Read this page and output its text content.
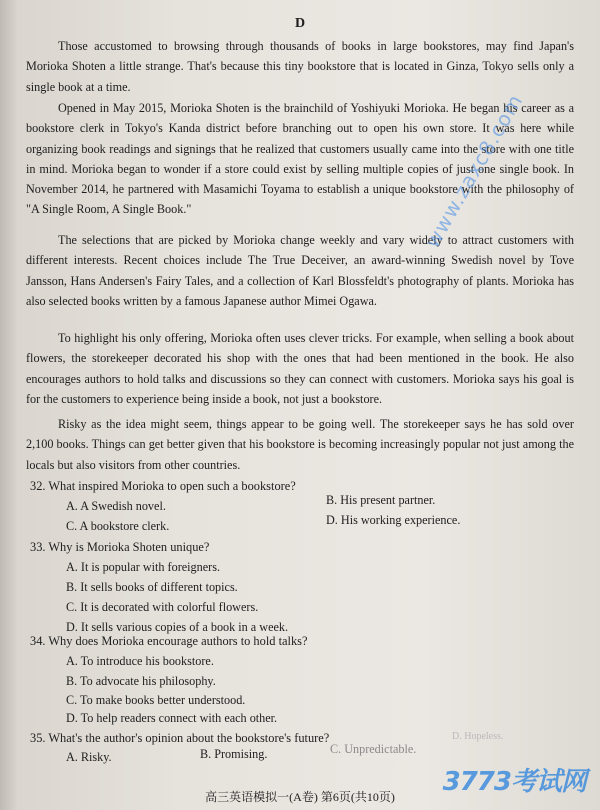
D

Those accustomed to browsing through thousands of books in large bookstores, may find Japan's Morioka Shoten a little strange. That's because this tiny bookstore that is located in Ginza, Tokyo sells only a single book at a time.

Opened in May 2015, Morioka Shoten is the brainchild of Yoshiyuki Morioka. He began his career as a bookstore clerk in Tokyo's Kanda district before branching out to open his own store. It was here while organizing book readings and signings that he realized that customers usually came into the store with one title in mind. Morioka began to wonder if a store could exist by selling multiple copies of just one single book. In November 2014, he partnered with Masamichi Toyama to establish a unique bookstore with the philosophy of "A Single Room, A Single Book."

The selections that are picked by Morioka change weekly and vary widely to attract customers with different interests. Recent choices include The True Deceiver, an award-winning Swedish novel by Tove Jansson, Hans Andersen's Fairy Tales, and a collection of Karl Blossfeldt's photography of plants. Morioka has also selected books written by a famous Japanese author Mimei Ogawa.

To highlight his only offering, Morioka often uses clever tricks. For example, when selling a book about flowers, the storekeeper decorated his shop with the ones that had been mentioned in the book. He also encourages authors to hold talks and discussions so they can connect with customers. Morioka says his goal is for the customers to experience being inside a book, not just a bookstore.

Risky as the idea might seem, things appear to be going well. The storekeeper says he has sold over 2,100 books. Things can get better given that his bookstore is becoming increasingly popular not just among the locals but also visitors from other countries.

32. What inspired Morioka to open such a bookstore?
A. A Swedish novel.	B. His present partner.
C. A bookstore clerk.	D. His working experience.
33. Why is Morioka Shoten unique?
A. It is popular with foreigners.
B. It sells books of different topics.
C. It is decorated with colorful flowers.
D. It sells various copies of a book in a week.
34. Why does Morioka encourage authors to hold talks?
A. To introduce his bookstore.
B. To advocate his philosophy.
C. To make books better understood.
D. To help readers connect with each other.
35. What's the author's opinion about the bookstore's future?
A. Risky.	B. Promising.	C. Unpredictable.
D. Hopeless.
www.zaxc8.com
高三英语模拟一(A卷) 第6页(共10页)	3773考试网
